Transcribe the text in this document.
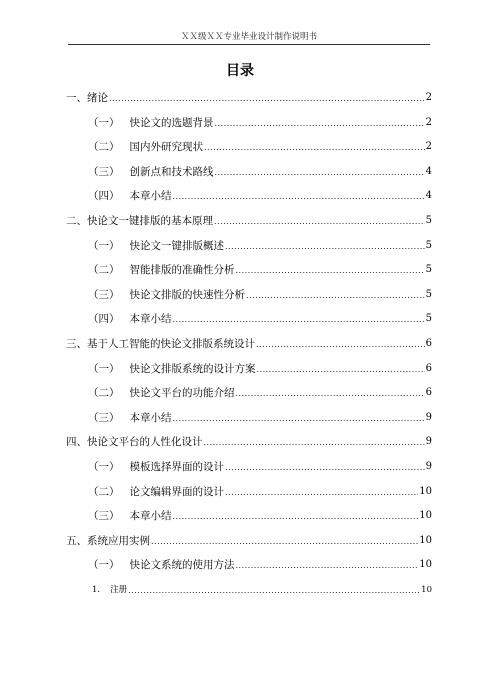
ＸＸ级ＸＸ专业毕业设计制作说明书
目录
一、 绪论 .....	2
（一） 快论文的选题背景 .....	2
（二） 国内外研究现状 .....	2
（三） 创新点和技术路线 .....	4
（四） 本章小结 .....	4
二、 快论文一键排版的基本原理 .....	5
（一） 快论文一键排版概述 .....	5
（二） 智能排版的准确性分析 .....	5
（三） 快论文排版的快速性分析 .....	5
（四） 本章小结 .....	5
三、 基于人工智能的快论文排版系统设计 .....	6
（一） 快论文排版系统的设计方案 .....	6
（二） 快论文平台的功能介绍 .....	6
（三） 本章小结 .....	9
四、 快论文平台的人性化设计 .....	9
（一） 模板选择界面的设计 .....	9
（二） 论文编辑界面的设计 .....	10
（三） 本章小结 .....	10
五、 系统应用实例 .....	10
（一） 快论文系统的使用方法 .....	10
1. 注册 .....	10
